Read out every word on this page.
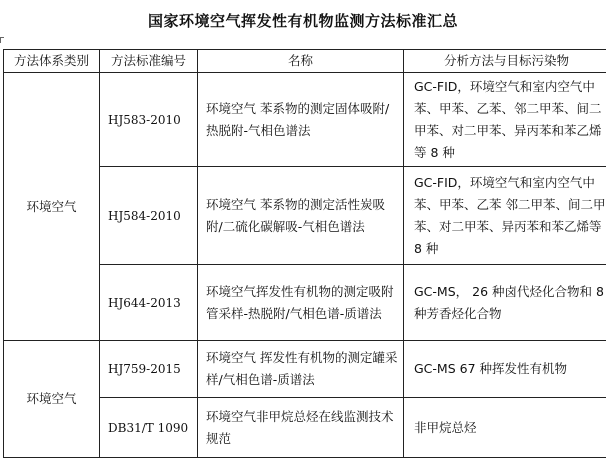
国家环境空气挥发性有机物监测方法标准汇总
方法体系类别	方法标准编号	名称	分析方法与目标污染物
环境空气	HJ583-2010	环境空气 苯系物的测定固体吸附/热脱附-气相色谱法	GC-FID，环境空气和室内空气中苯、甲苯、乙苯、邻二甲苯、间二甲苯、对二甲苯、异丙苯和苯乙烯等 8 种
	HJ584-2010	环境空气 苯系物的测定活性炭吸附/二硫化碳解吸-气相色谱法	GC-FID，环境空气和室内空气中苯、甲苯、乙苯 邻二甲苯、间二甲苯、对二甲苯、异丙苯和苯乙烯等 8 种
	HJ644-2013	环境空气挥发性有机物的测定吸附管采样-热脱附/气相色谱-质谱法	GC-MS， 26 种卤代烃化合物和 8 种芳香烃化合物
环境空气	HJ759-2015	环境空气 挥发性有机物的测定罐采样/气相色谱-质谱法	GC-MS 67 种挥发性有机物
	DB31/T 1090	环境空气非甲烷总烃在线监测技术规范	非甲烷总烃
